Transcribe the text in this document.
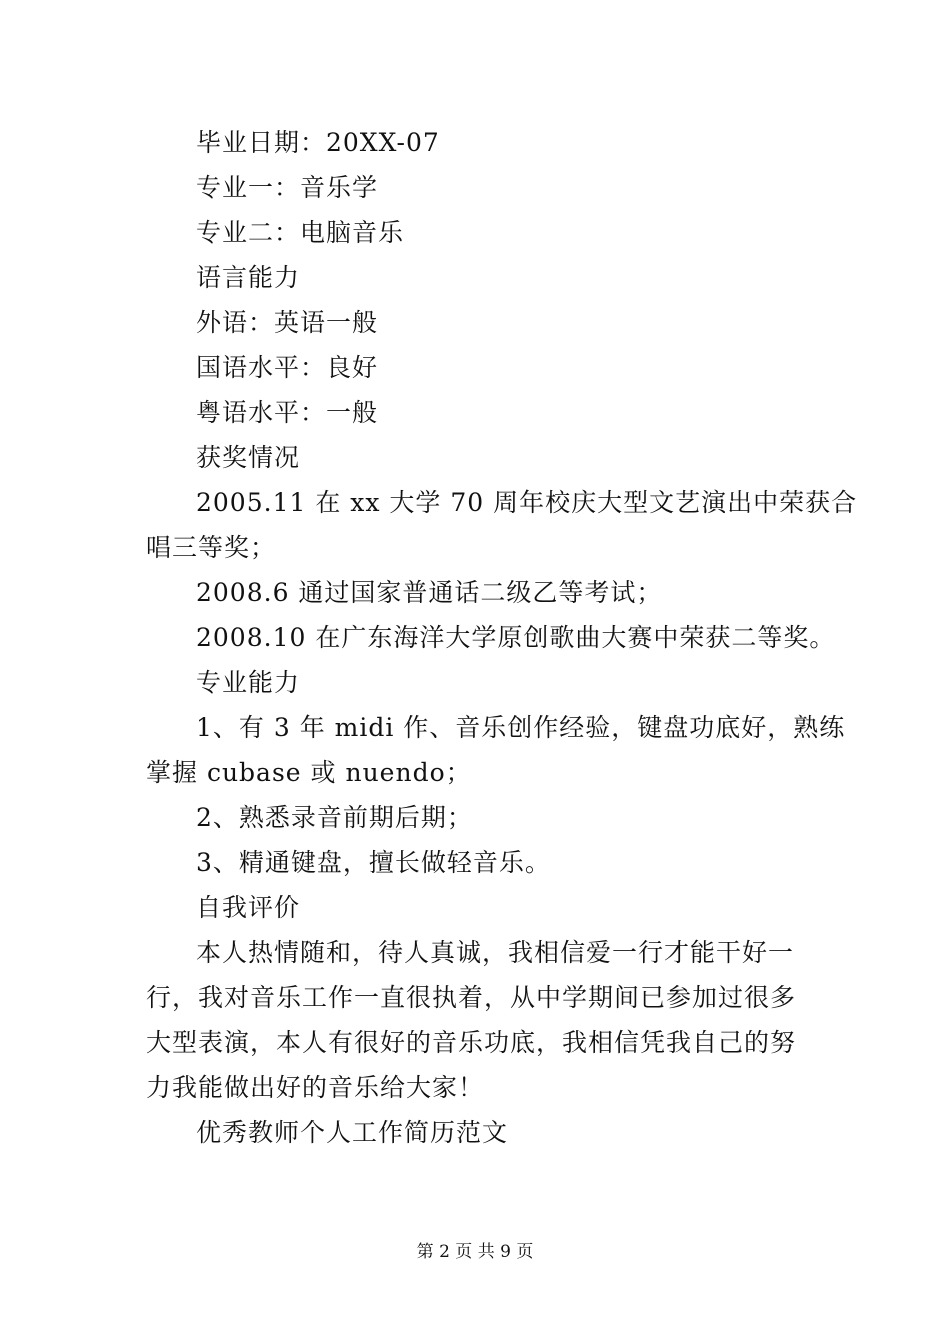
毕业日期：20XX-07
专业一：音乐学
专业二：电脑音乐
语言能力
外语：英语一般
国语水平：良好
粤语水平：一般
获奖情况
2005.11 在 xx 大学 70 周年校庆大型文艺演出中荣获合
唱三等奖；
2008.6 通过国家普通话二级乙等考试；
2008.10 在广东海洋大学原创歌曲大赛中荣获二等奖。
专业能力
1、有 3 年 midi 作、音乐创作经验，键盘功底好，熟练
掌握 cubase 或 nuendo；
2、熟悉录音前期后期；
3、精通键盘，擅长做轻音乐。
自我评价
本人热情随和，待人真诚，我相信爱一行才能干好一
行，我对音乐工作一直很执着，从中学期间已参加过很多
大型表演，本人有很好的音乐功底，我相信凭我自己的努
力我能做出好的音乐给大家！
优秀教师个人工作简历范文
第 2 页 共 9 页
